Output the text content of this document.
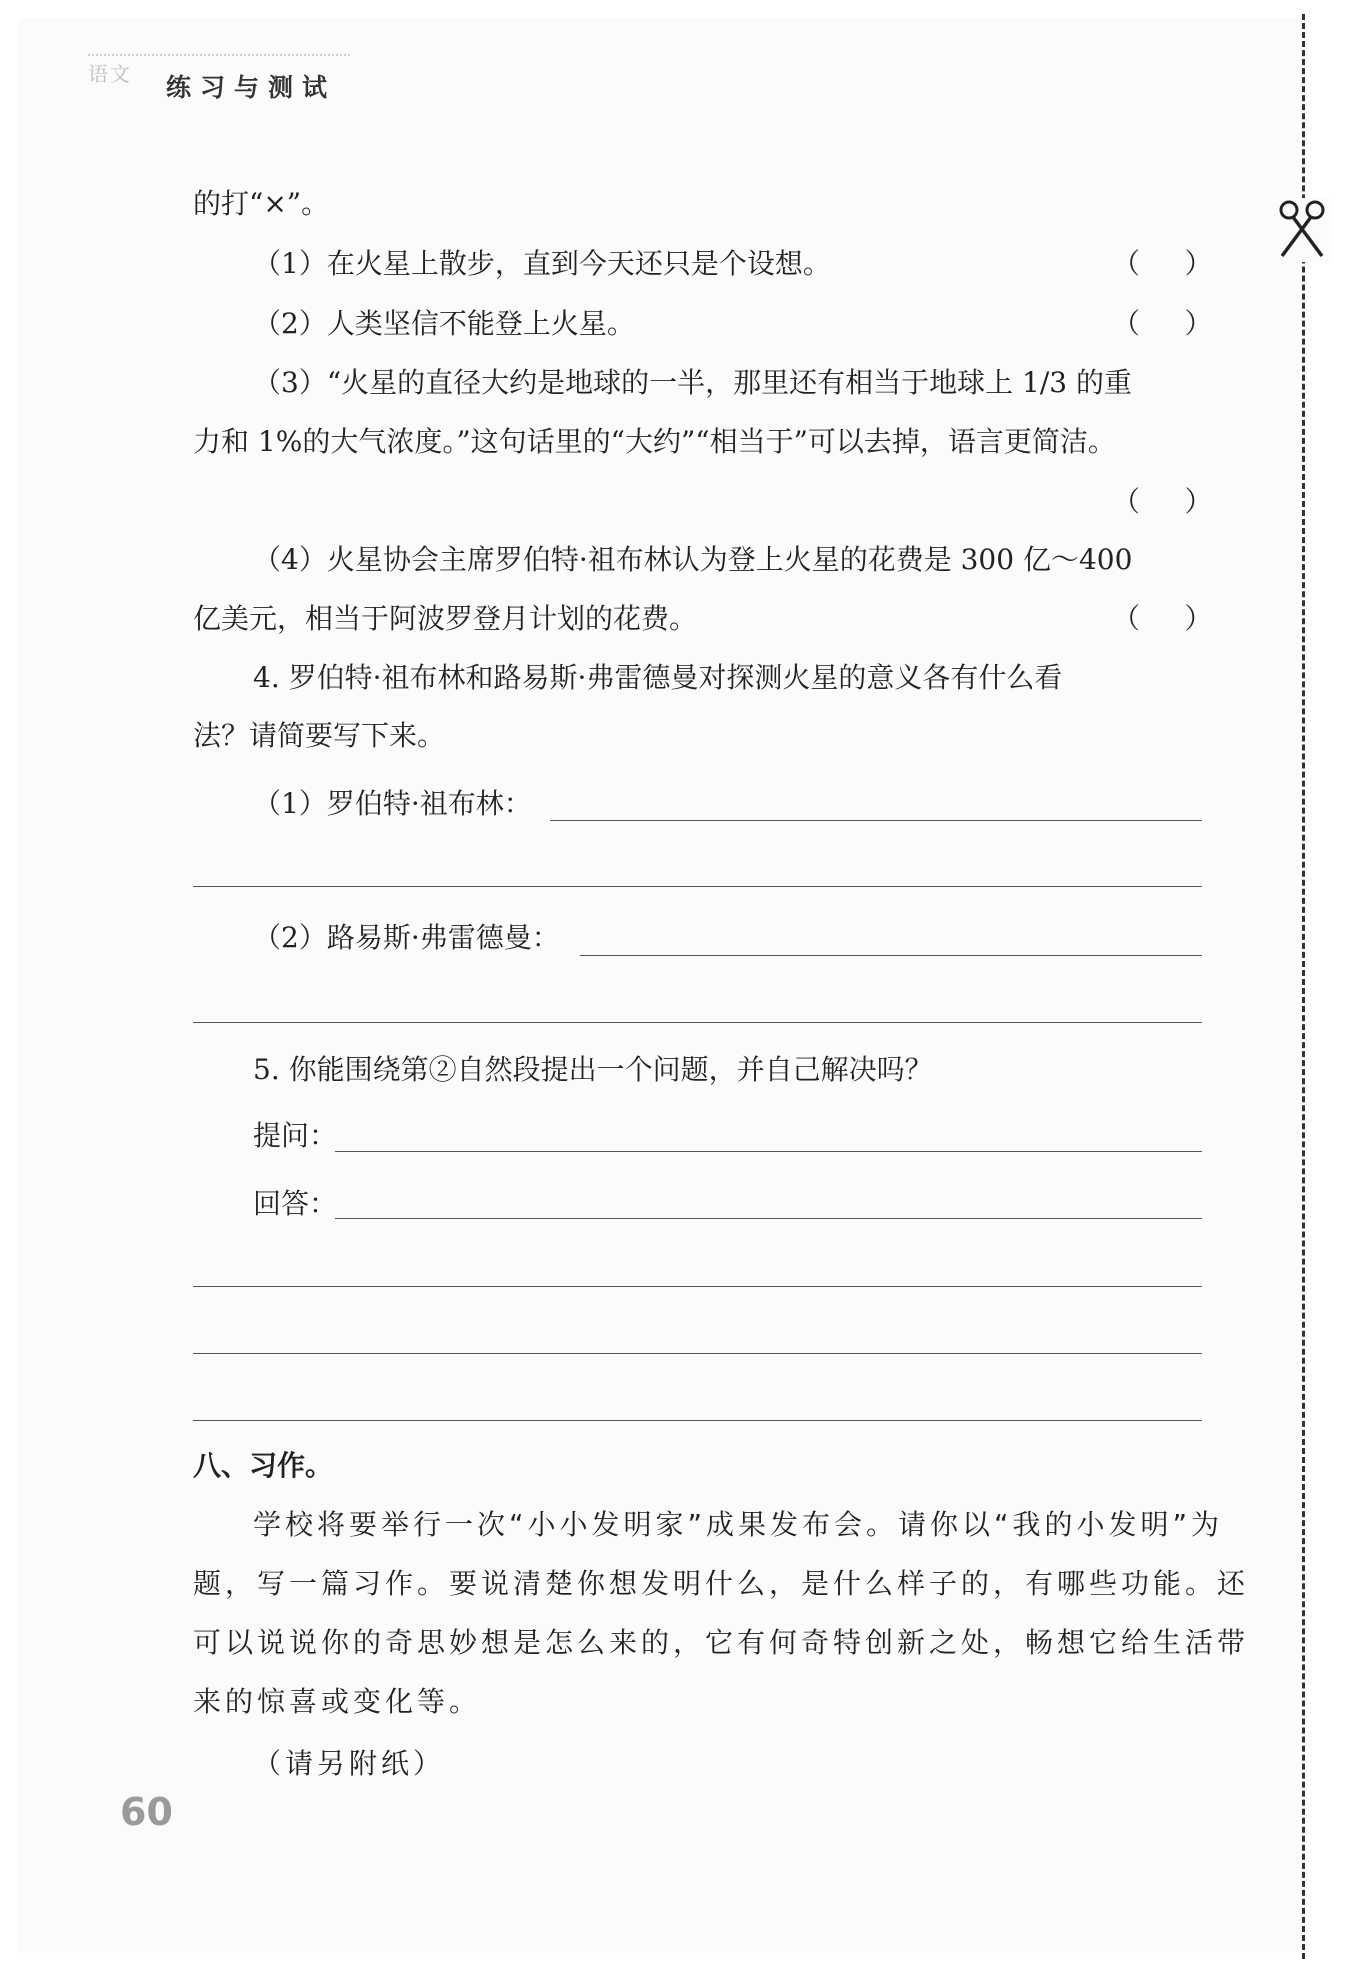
语文 练习与测试
的打“×”。
（1）在火星上散步，直到今天还只是个设想。	（     ）
（2）人类坚信不能登上火星。	（     ）
（3）“火星的直径大约是地球的一半，那里还有相当于地球上 1/3 的重
力和 1%的大气浓度。”这句话里的“大约”“相当于”可以去掉，语言更简洁。
（     ）
（4）火星协会主席罗伯特·祖布林认为登上火星的花费是 300 亿～400
亿美元，相当于阿波罗登月计划的花费。	（     ）
4. 罗伯特·祖布林和路易斯·弗雷德曼对探测火星的意义各有什么看
法？请简要写下来。
（1）罗伯特·祖布林：
（2）路易斯·弗雷德曼：
5. 你能围绕第②自然段提出一个问题，并自己解决吗？
提问：
回答：
八、习作。
学校将要举行一次“小小发明家”成果发布会。请你以“我的小发明”为
题，写一篇习作。要说清楚你想发明什么，是什么样子的，有哪些功能。还
可以说说你的奇思妙想是怎么来的，它有何奇特创新之处，畅想它给生活带
来的惊喜或变化等。
（请另附纸）
60
